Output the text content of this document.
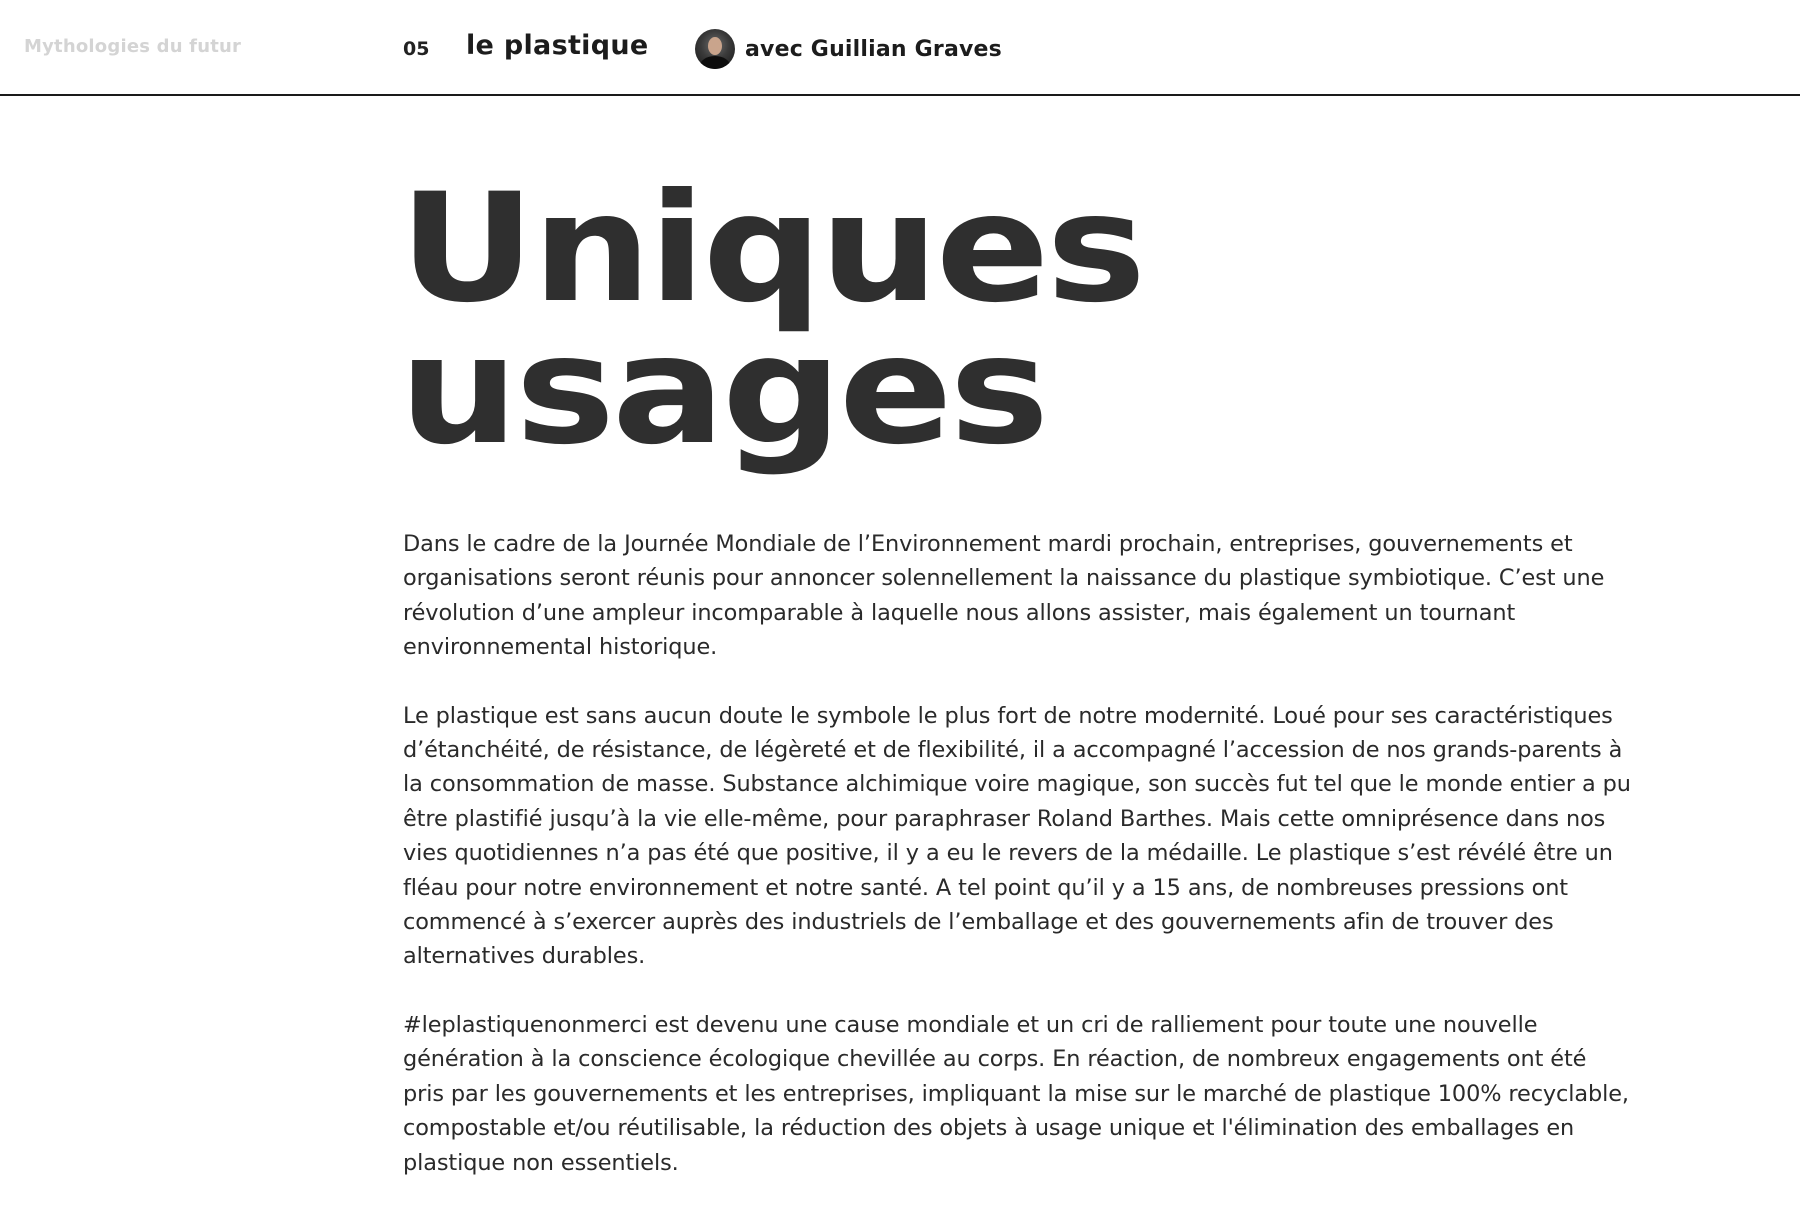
Mythologies du futur	05 le plastique	avec Guillian Graves
Uniques
usages

Dans le cadre de la Journée Mondiale de l’Environnement mardi prochain, entreprises, gouvernements et organisations seront réunis pour annoncer solennellement la naissance du plastique symbiotique. C’est une révolution d’une ampleur incomparable à laquelle nous allons assister, mais également un tournant environnemental historique.

Le plastique est sans aucun doute le symbole le plus fort de notre modernité. Loué pour ses caractéristiques d’étanchéité, de résistance, de légèreté et de flexibilité, il a accompagné l’accession de nos grands-parents à la consommation de masse. Substance alchimique voire magique, son succès fut tel que le monde entier a pu être plastifié jusqu’à la vie elle-même, pour paraphraser Roland Barthes. Mais cette omniprésence dans nos vies quotidiennes n’a pas été que positive, il y a eu le revers de la médaille. Le plastique s’est révélé être un fléau pour notre environnement et notre santé. A tel point qu’il y a 15 ans, de nombreuses pressions ont commencé à s’exercer auprès des industriels de l’emballage et des gouvernements afin de trouver des alternatives durables.

#leplastiquenonmerci est devenu une cause mondiale et un cri de ralliement pour toute une nouvelle génération à la conscience écologique chevillée au corps. En réaction, de nombreux engagements ont été pris par les gouvernements et les entreprises, impliquant la mise sur le marché de plastique 100% recyclable, compostable et/ou réutilisable, la réduction des objets à usage unique et l'élimination des emballages en plastique non essentiels.
